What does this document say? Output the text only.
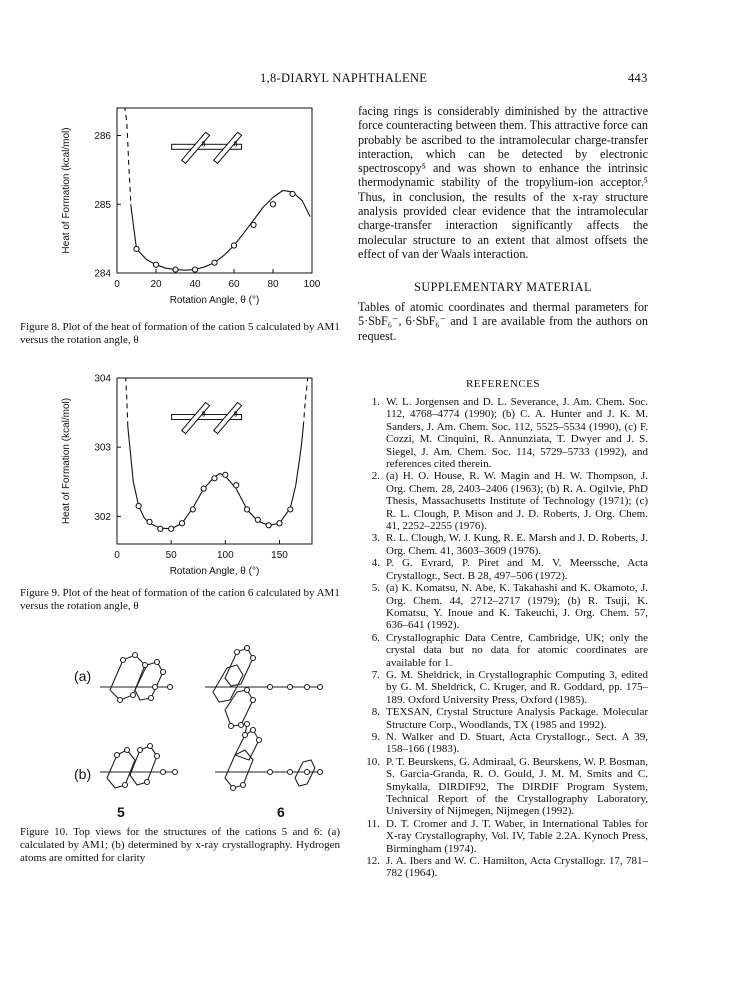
1,8-DIARYL NAPHTHALENE	443
0	20	40	60	80	100
284
285
286
Rotation Angle, θ (°)
Heat of Formation (kcal/mol)	θ	θ
Figure 8. Plot of the heat of formation of the cation 5 calculated by AM1 versus the rotation angle, θ
0	50	100	150
302
303
304
Rotation Angle, θ (°)
Heat of Formation (kcal/mol)	θ	θ
Figure 9. Plot of the heat of formation of the cation 6 calculated by AM1 versus the rotation angle, θ
(a)
(b)
5	6
Figure 10. Top views for the structures of the cations 5 and 6: (a) calculated by AM1; (b) determined by x-ray crystallography. Hydrogen atoms are omitted for clarity
facing rings is considerably diminished by the attractive force counteracting between them. This attractive force can probably be ascribed to the intramolecular charge-transfer interaction, which can be detected by electronic spectroscopy⁵ and was shown to enhance the intrinsic thermodynamic stability of the tropylium-ion acceptor.⁵ Thus, in conclusion, the results of the x-ray structure analysis provided clear evidence that the intramolecular charge-transfer interaction significantly affects the molecular structure to an extent that almost offsets the effect of van der Waals interaction.
SUPPLEMENTARY MATERIAL
Tables of atomic coordinates and thermal parameters for 5·SbF₆⁻, 6·SbF₆⁻ and 1 are available from the authors on request.
REFERENCES
1. W. L. Jorgensen and D. L. Severance, J. Am. Chem. Soc. 112, 4768–4774 (1990); (b) C. A. Hunter and J. K. M. Sanders, J. Am. Chem. Soc. 112, 5525–5534 (1990), (c) F. Cozzi, M. Cinquini, R. Annunziata, T. Dwyer and J. S. Siegel, J. Am. Chem. Soc. 114, 5729–5733 (1992), and references cited therein.
2. (a) H. O. House, R. W. Magin and H. W. Thompson, J. Org. Chem. 28, 2403–2406 (1963); (b) R. A. Ogilvie, PhD Thesis, Massachusetts Institute of Technology (1971); (c) R. L. Clough, P. Mison and J. D. Roberts, J. Org. Chem. 41, 2252–2255 (1976).
3. R. L. Clough, W. J. Kung, R. E. Marsh and J. D. Roberts, J. Org. Chem. 41, 3603–3609 (1976).
4. P. G. Evrard, P. Piret and M. V. Meerssche, Acta Crystallogr., Sect. B 28, 497–506 (1972).
5. (a) K. Komatsu, N. Abe, K. Takahashi and K. Okamoto, J. Org. Chem. 44, 2712–2717 (1979); (b) R. Tsuji, K. Komatsu, Y. Inoue and K. Takeuchi, J. Org. Chem. 57, 636–641 (1992).
6. Crystallographic Data Centre, Cambridge, UK; only the crystal data but no data for atomic coordinates are available for 1.
7. G. M. Sheldrick, in Crystallographic Computing 3, edited by G. M. Sheldrick, C. Kruger, and R. Goddard, pp. 175–189. Oxford University Press, Oxford (1985).
8. TEXSAN, Crystal Structure Analysis Package. Molecular Structure Corp., Woodlands, TX (1985 and 1992).
9. N. Walker and D. Stuart, Acta Crystallogr., Sect. A 39, 158–166 (1983).
10. P. T. Beurskens, G. Admiraal, G. Beurskens, W. P. Bosman, S. Garcia-Granda, R. O. Gould, J. M. M. Smits and C. Smykalla, DIRDIF92, The DIRDIF Program System, Technical Report of the Crystallography Laboratory, University of Nijmegen, Nijmegen (1992).
11. D. T. Cromer and J. T. Waber, in International Tables for X-ray Crystallography, Vol. IV, Table 2.2A. Kynoch Press, Birmingham (1974).
12. J. A. Ibers and W. C. Hamilton, Acta Crystallogr. 17, 781–782 (1964).
